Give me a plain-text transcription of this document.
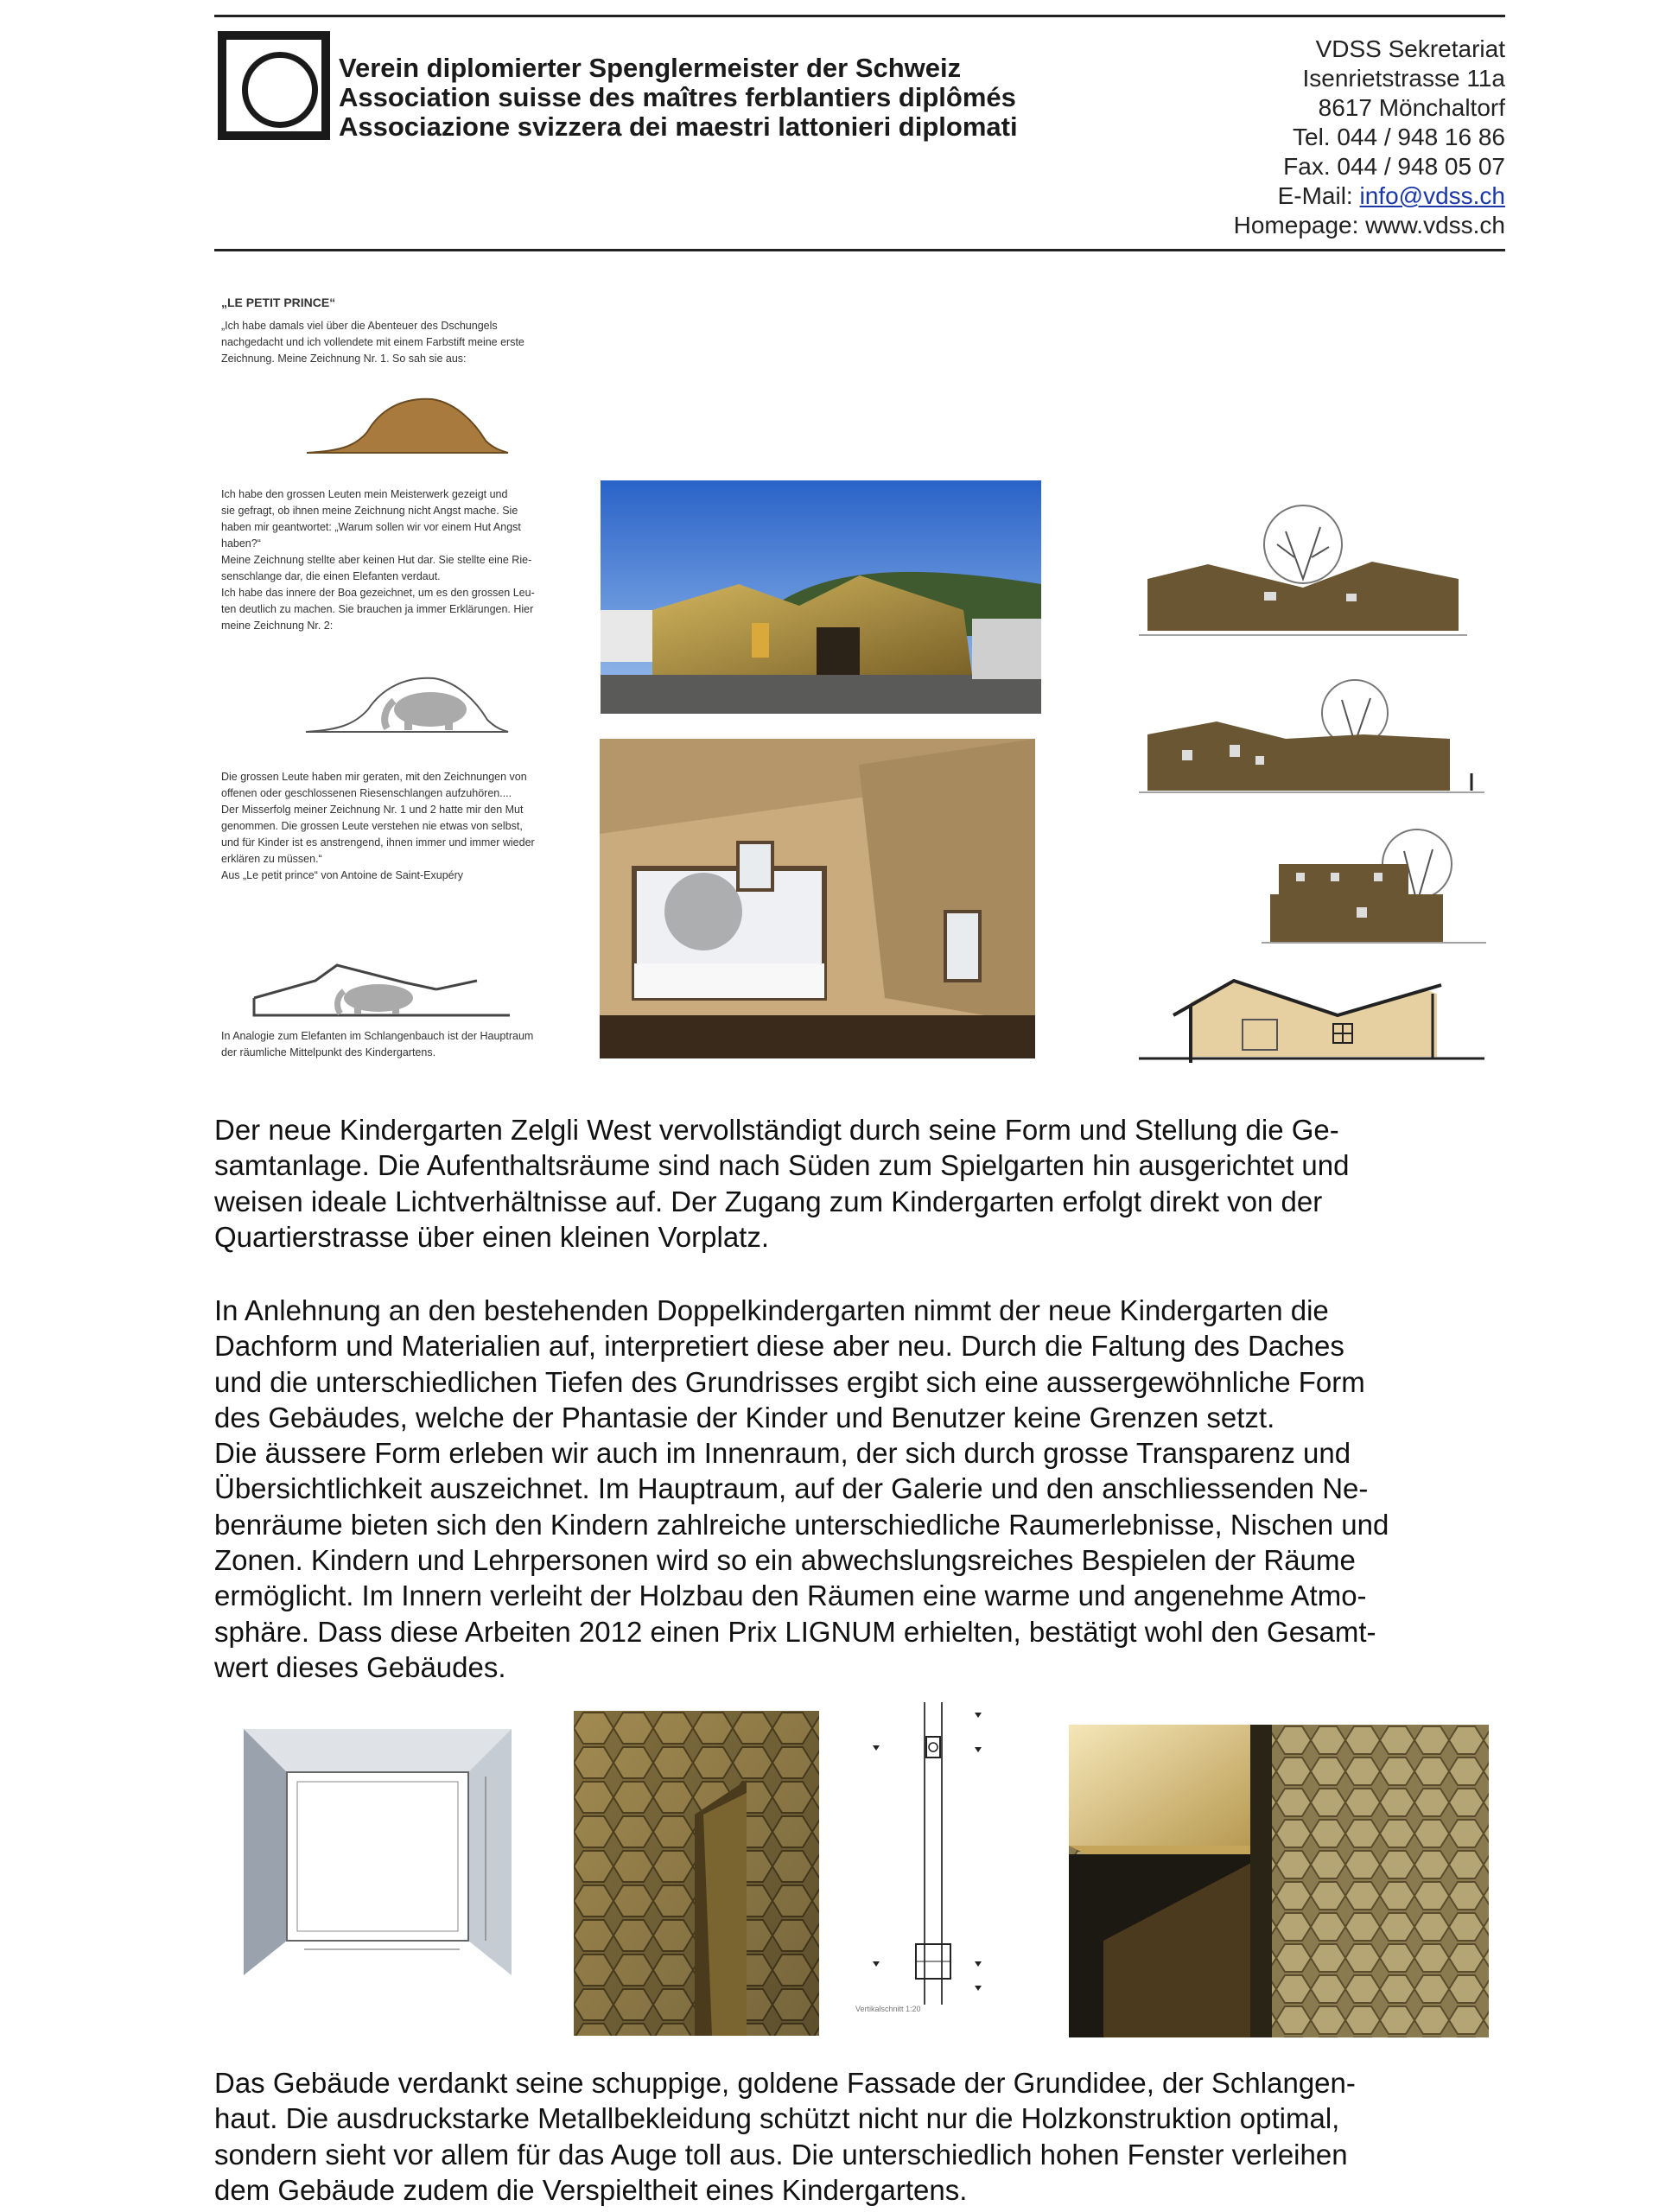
Verein diplomierter Spenglermeister der Schweiz
Association suisse des maîtres ferblantiers diplômés
Associazione svizzera dei maestri lattonieri diplomati
VDSS Sekretariat
Isenrietstrasse 11a
8617 Mönchaltorf
Tel. 044 / 948 16 86
Fax. 044 / 948 05 07
E-Mail: info@vdss.ch
Homepage: www.vdss.ch
„LE PETIT PRINCE“
„Ich habe damals viel über die Abenteuer des Dschungels
nachgedacht und ich vollendete mit einem Farbstift meine erste
Zeichnung. Meine Zeichnung Nr. 1. So sah sie aus:
Ich habe den grossen Leuten mein Meisterwerk gezeigt und
sie gefragt, ob ihnen meine Zeichnung nicht Angst mache. Sie
haben mir geantwortet: „Warum sollen wir vor einem Hut Angst
haben?“
Meine Zeichnung stellte aber keinen Hut dar. Sie stellte eine Rie-
senschlange dar, die einen Elefanten verdaut.
Ich habe das innere der Boa gezeichnet, um es den grossen Leu-
ten deutlich zu machen. Sie brauchen ja immer Erklärungen. Hier
meine Zeichnung Nr. 2:
Die grossen Leute haben mir geraten, mit den Zeichnungen von
offenen oder geschlossenen Riesenschlangen aufzuhören....
Der Misserfolg meiner Zeichnung Nr. 1 und 2 hatte mir den Mut
genommen. Die grossen Leute verstehen nie etwas von selbst,
und für Kinder ist es anstrengend, ihnen immer und immer wieder
erklären zu müssen.“
Aus „Le petit prince“ von Antoine de Saint-Exupéry
In Analogie zum Elefanten im Schlangenbauch ist der Hauptraum
der räumliche Mittelpunkt des Kindergartens.
Der neue Kindergarten Zelgli West vervollständigt durch seine Form und Stellung die Ge-
samtanlage. Die Aufenthaltsräume sind nach Süden zum Spielgarten hin ausgerichtet und
weisen ideale Lichtverhältnisse auf. Der Zugang zum Kindergarten erfolgt direkt von der
Quartierstrasse über einen kleinen Vorplatz.
In Anlehnung an den bestehenden Doppelkindergarten nimmt der neue Kindergarten die
Dachform und Materialien auf, interpretiert diese aber neu. Durch die Faltung des Daches
und die unterschiedlichen Tiefen des Grundrisses ergibt sich eine aussergewöhnliche Form
des Gebäudes, welche der Phantasie der Kinder und Benutzer keine Grenzen setzt.
Die äussere Form erleben wir auch im Innenraum, der sich durch grosse Transparenz und
Übersichtlichkeit auszeichnet. Im Hauptraum, auf der Galerie und den anschliessenden Ne-
benräume bieten sich den Kindern zahlreiche unterschiedliche Raumerlebnisse, Nischen und
Zonen. Kindern und Lehrpersonen wird so ein abwechslungsreiches Bespielen der Räume
ermöglicht. Im Innern verleiht der Holzbau den Räumen eine warme und angenehme Atmo-
sphäre. Dass diese Arbeiten 2012 einen Prix LIGNUM erhielten, bestätigt wohl den Gesamt-
wert dieses Gebäudes.
Vertikalschnitt 1:20
Das Gebäude verdankt seine schuppige, goldene Fassade der Grundidee, der Schlangen-
haut. Die ausdruckstarke Metallbekleidung schützt nicht nur die Holzkonstruktion optimal,
sondern sieht vor allem für das Auge toll aus. Die unterschiedlich hohen Fenster verleihen
dem Gebäude zudem die Verspieltheit eines Kindergartens.
